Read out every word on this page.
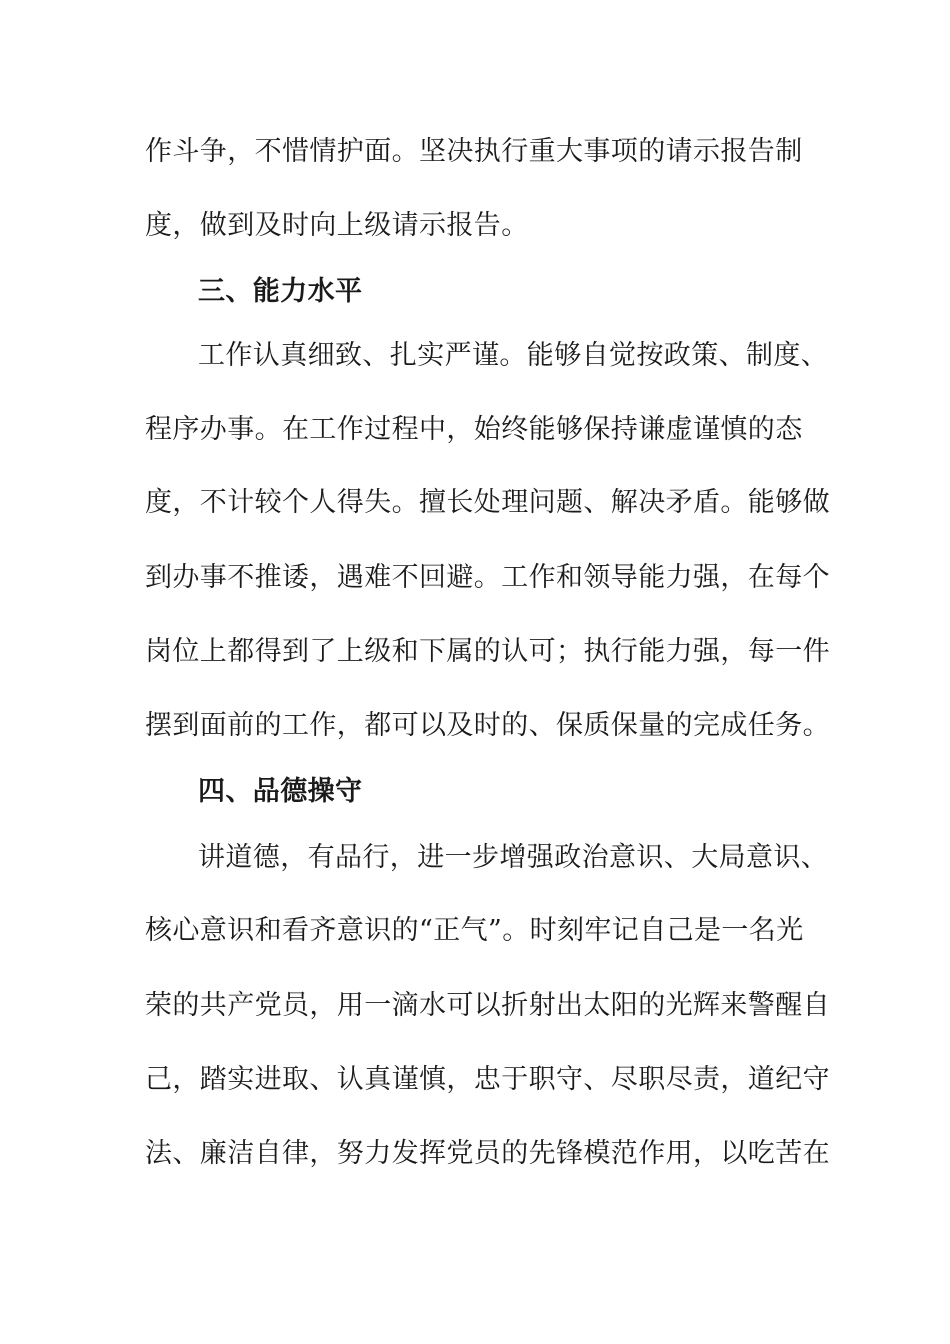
作斗争，不惜情护面。坚决执行重大事项的请示报告制
度，做到及时向上级请示报告。
三、能力水平
工作认真细致、扎实严谨。能够自觉按政策、制度、
程序办事。在工作过程中，始终能够保持谦虚谨慎的态
度，不计较个人得失。擅长处理问题、解决矛盾。能够做
到办事不推诿，遇难不回避。工作和领导能力强，在每个
岗位上都得到了上级和下属的认可；执行能力强，每一件
摆到面前的工作，都可以及时的、保质保量的完成任务。
四、品德操守
讲道德，有品行，进一步增强政治意识、大局意识、
核心意识和看齐意识的“正气”。时刻牢记自己是一名光
荣的共产党员，用一滴水可以折射出太阳的光辉来警醒自
己，踏实进取、认真谨慎，忠于职守、尽职尽责，道纪守
法、廉洁自律，努力发挥党员的先锋模范作用，以吃苦在
